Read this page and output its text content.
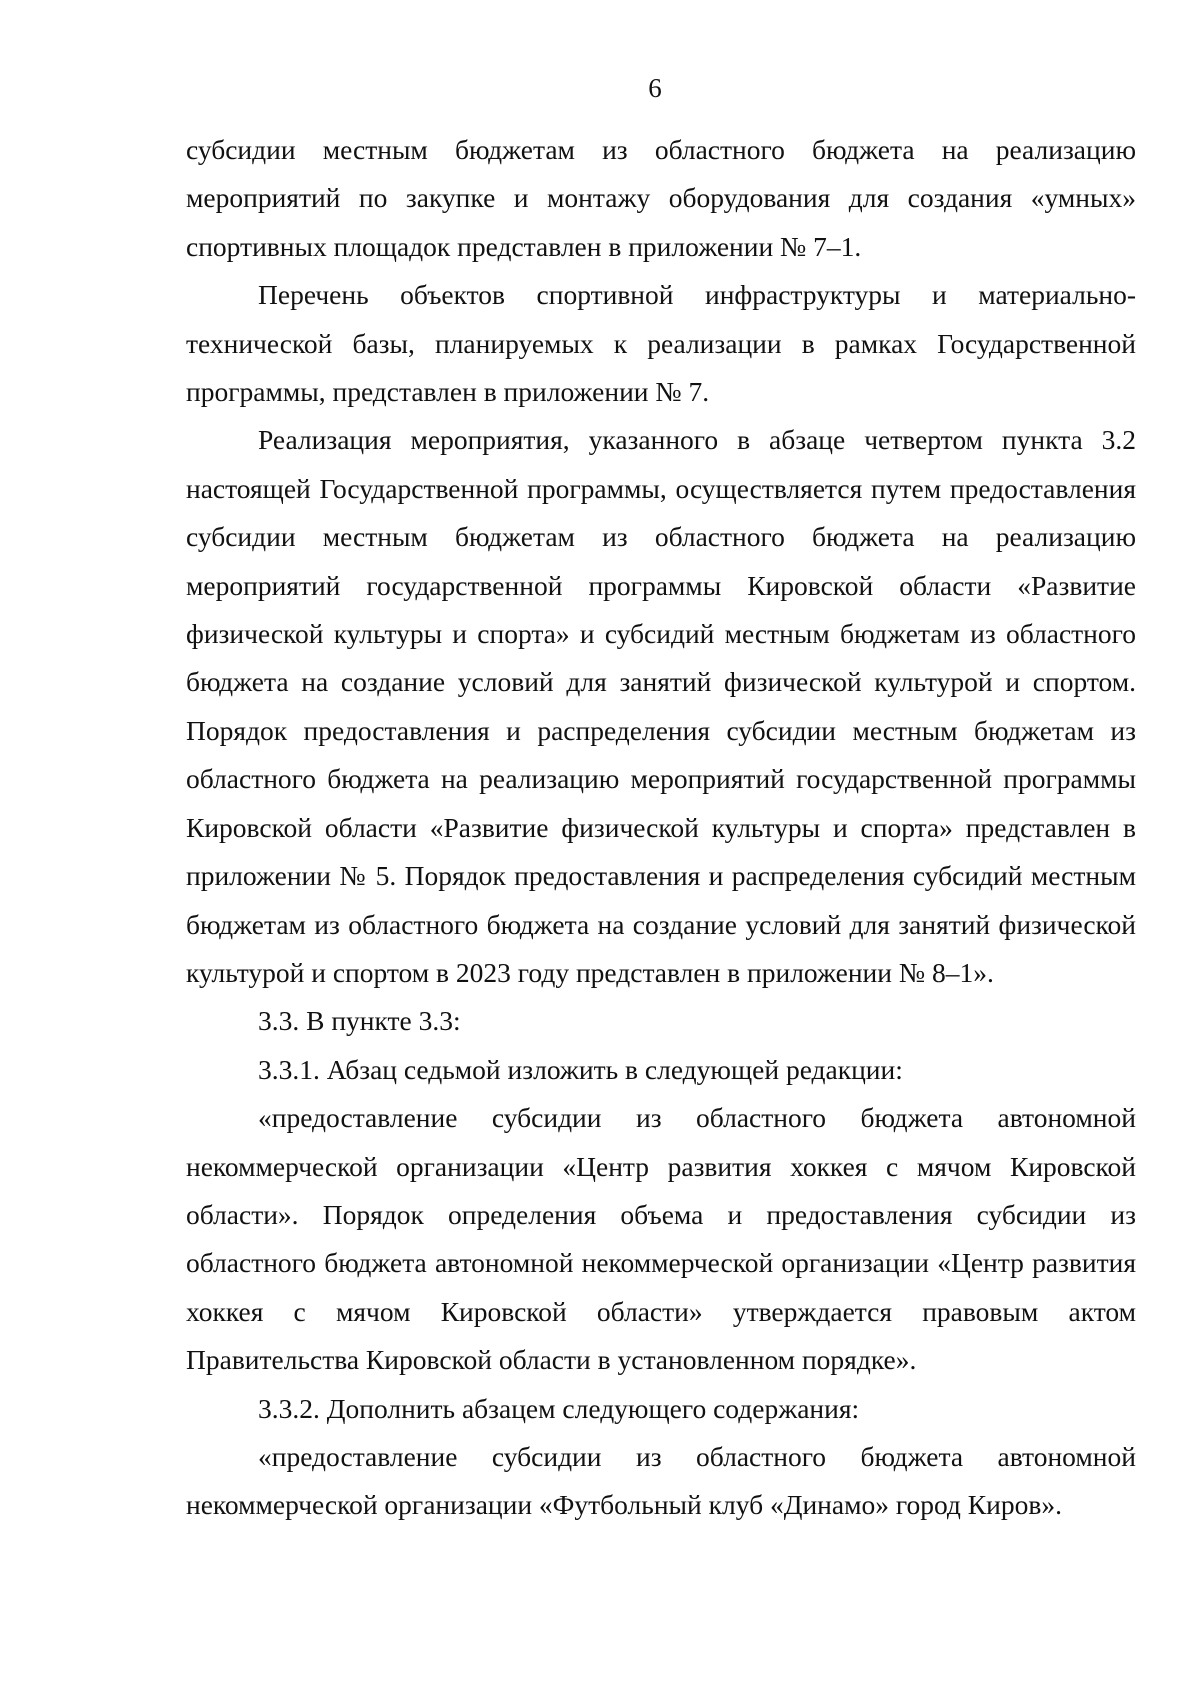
6

субсидии местным бюджетам из областного бюджета на реализацию мероприятий по закупке и монтажу оборудования для создания «умных» спортивных площадок представлен в приложении № 7–1.

Перечень объектов спортивной инфраструктуры и материально-технической базы, планируемых к реализации в рамках Государственной программы, представлен в приложении № 7.

Реализация мероприятия, указанного в абзаце четвертом пункта 3.2 настоящей Государственной программы, осуществляется путем предоставления субсидии местным бюджетам из областного бюджета на реализацию мероприятий государственной программы Кировской области «Развитие физической культуры и спорта» и субсидий местным бюджетам из областного бюджета на создание условий для занятий физической культурой и спортом. Порядок предоставления и распределения субсидии местным бюджетам из областного бюджета на реализацию мероприятий государственной программы Кировской области «Развитие физической культуры и спорта» представлен в приложении № 5. Порядок предоставления и распределения субсидий местным бюджетам из областного бюджета на создание условий для занятий физической культурой и спортом в 2023 году представлен в приложении № 8–1».

3.3. В пункте 3.3:

3.3.1. Абзац седьмой изложить в следующей редакции:

«предоставление субсидии из областного бюджета автономной некоммерческой организации «Центр развития хоккея с мячом Кировской области». Порядок определения объема и предоставления субсидии из областного бюджета автономной некоммерческой организации «Центр развития хоккея с мячом Кировской области» утверждается правовым актом Правительства Кировской области в установленном порядке».

3.3.2. Дополнить абзацем следующего содержания:

«предоставление субсидии из областного бюджета автономной некоммерческой организации «Футбольный клуб «Динамо» город Киров».
